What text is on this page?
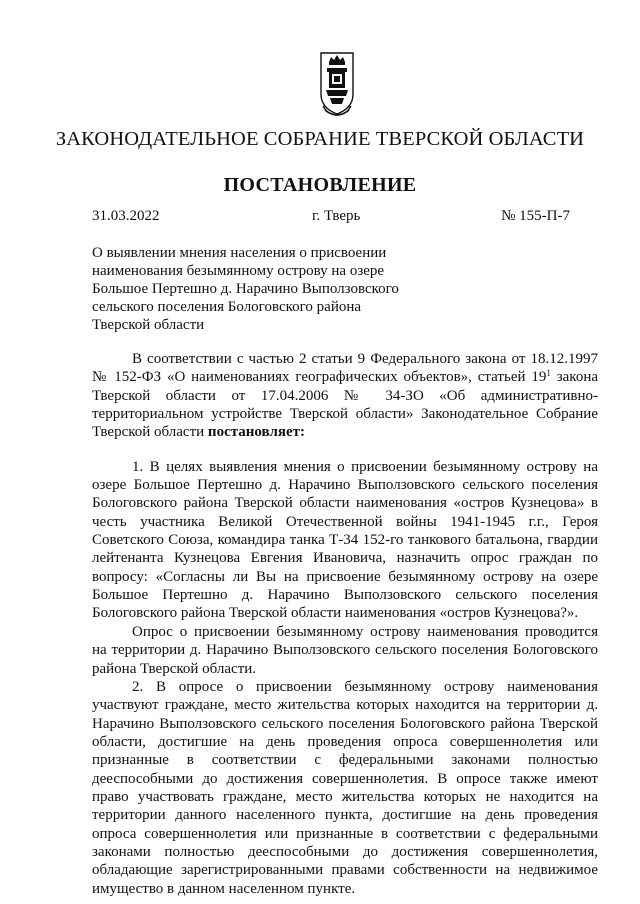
ЗАКОНОДАТЕЛЬНОЕ СОБРАНИЕ ТВЕРСКОЙ ОБЛАСТИ
ПОСТАНОВЛЕНИЕ
31.03.2022	г. Тверь	№ 155-П-7
О выявлении мнения населения о присвоении
наименования безымянному острову на озере
Большое Пертешно д. Нарачино Выползовского
сельского поселения Бологовского района
Тверской области

В соответствии с частью 2 статьи 9 Федерального закона от 18.12.1997 № 152-ФЗ «О наименованиях географических объектов», статьей $19^1$ закона Тверской области от 17.04.2006 № 34-ЗО «Об административно-территориальном устройстве Тверской области» Законодательное Собрание Тверской области постановляет:

1. В целях выявления мнения о присвоении безымянному острову на озере Большое Пертешно д. Нарачино Выползовского сельского поселения Бологовского района Тверской области наименования «остров Кузнецова» в честь участника Великой Отечественной войны 1941-1945 г.г., Героя Советского Союза, командира танка Т-34 152-го танкового батальона, гвардии лейтенанта Кузнецова Евгения Ивановича, назначить опрос граждан по вопросу: «Согласны ли Вы на присвоение безымянному острову на озере Большое Пертешно д. Нарачино Выползовского сельского поселения Бологовского района Тверской области наименования «остров Кузнецова?».

Опрос о присвоении безымянному острову наименования проводится на территории д. Нарачино Выползовского сельского поселения Бологовского района Тверской области.

2. В опросе о присвоении безымянному острову наименования участвуют граждане, место жительства которых находится на территории д. Нарачино Выползовского сельского поселения Бологовского района Тверской области, достигшие на день проведения опроса совершеннолетия или признанные в соответствии с федеральными законами полностью дееспособными до достижения совершеннолетия. В опросе также имеют право участвовать граждане, место жительства которых не находится на территории данного населенного пункта, достигшие на день проведения опроса совершеннолетия или признанные в соответствии с федеральными законами полностью дееспособными до достижения совершеннолетия, обладающие зарегистрированными правами собственности на недвижимое имущество в данном населенном пункте.
